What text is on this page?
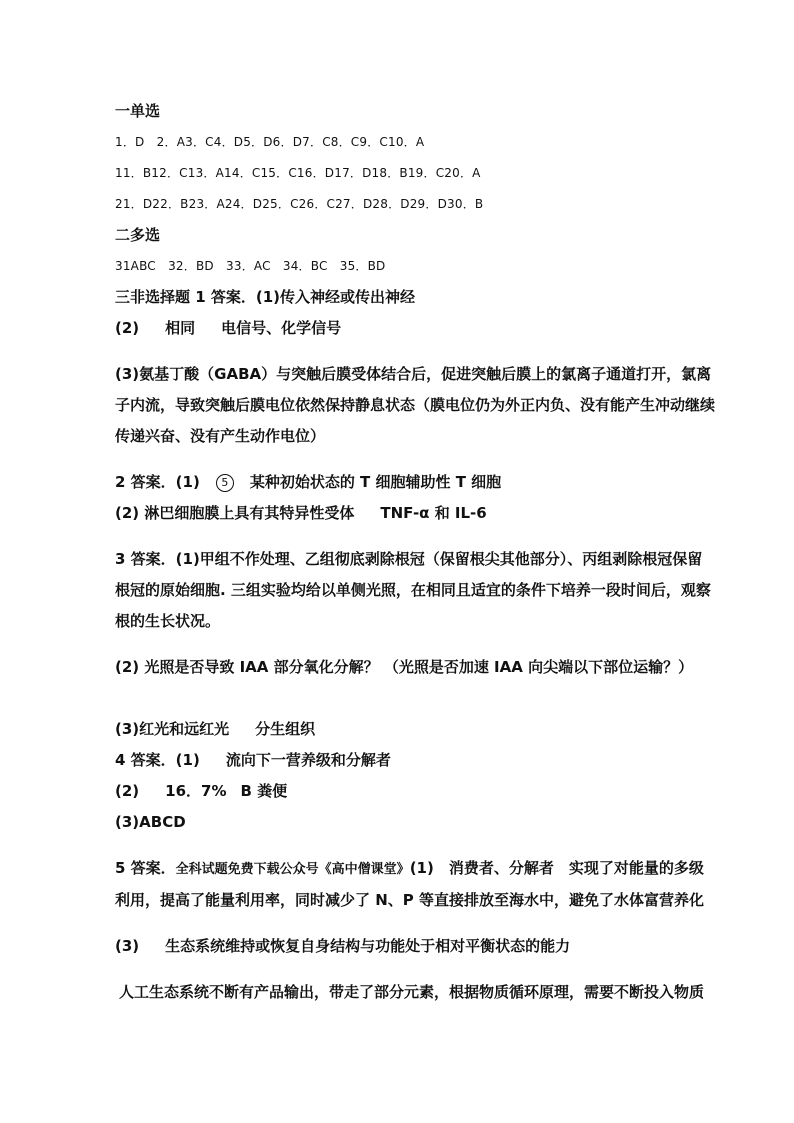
一单选

1．D　2．A3．C4．D5．D6．D7．C8．C9．C10．A

11．B12．C13．A14．C15．C16．D17．D18．B19．C20．A

21．D22．B23．A24．D25．C26．C27．D28．D29．D30．B

二多选

31ABC　32．BD　33．AC　34．BC　35．BD

三非选择题 1 答案．(1)传入神经或传出神经

(2) 相同 电信号、化学信号

(3)氨基丁酸（GABA）与突触后膜受体结合后，促进突触后膜上的氯离子通道打开，氯离子内流，导致突触后膜电位依然保持静息状态（膜电位仍为外正内负、没有能产生冲动继续传递兴奋、没有产生动作电位）

2 答案．(1) 5 某种初始状态的 T 细胞辅助性 T 细胞

(2) 淋巴细胞膜上具有其特异性受体 TNF-α 和 IL-6

3 答案．(1)甲组不作处理、乙组彻底剥除根冠（保留根尖其他部分）、丙组剥除根冠保留根冠的原始细胞. 三组实验均给以单侧光照，在相同且适宜的条件下培养一段时间后，观察根的生长状况。

(2) 光照是否导致 IAA 部分氧化分解？ （光照是否加速 IAA 向尖端以下部位运输？）

(3)红光和远红光 分生组织

4 答案．(1) 流向下一营养级和分解者

(2) 16．7% B 粪便

(3)ABCD

5 答案．全科试题免费下载公众号《高中僧课堂》(1)　消费者、分解者　实现了对能量的多级利用，提高了能量利用率，同时减少了 N、P 等直接排放至海水中，避免了水体富营养化

(3) 生态系统维持或恢复自身结构与功能处于相对平衡状态的能力

人工生态系统不断有产品输出，带走了部分元素，根据物质循环原理，需要不断投入物质
